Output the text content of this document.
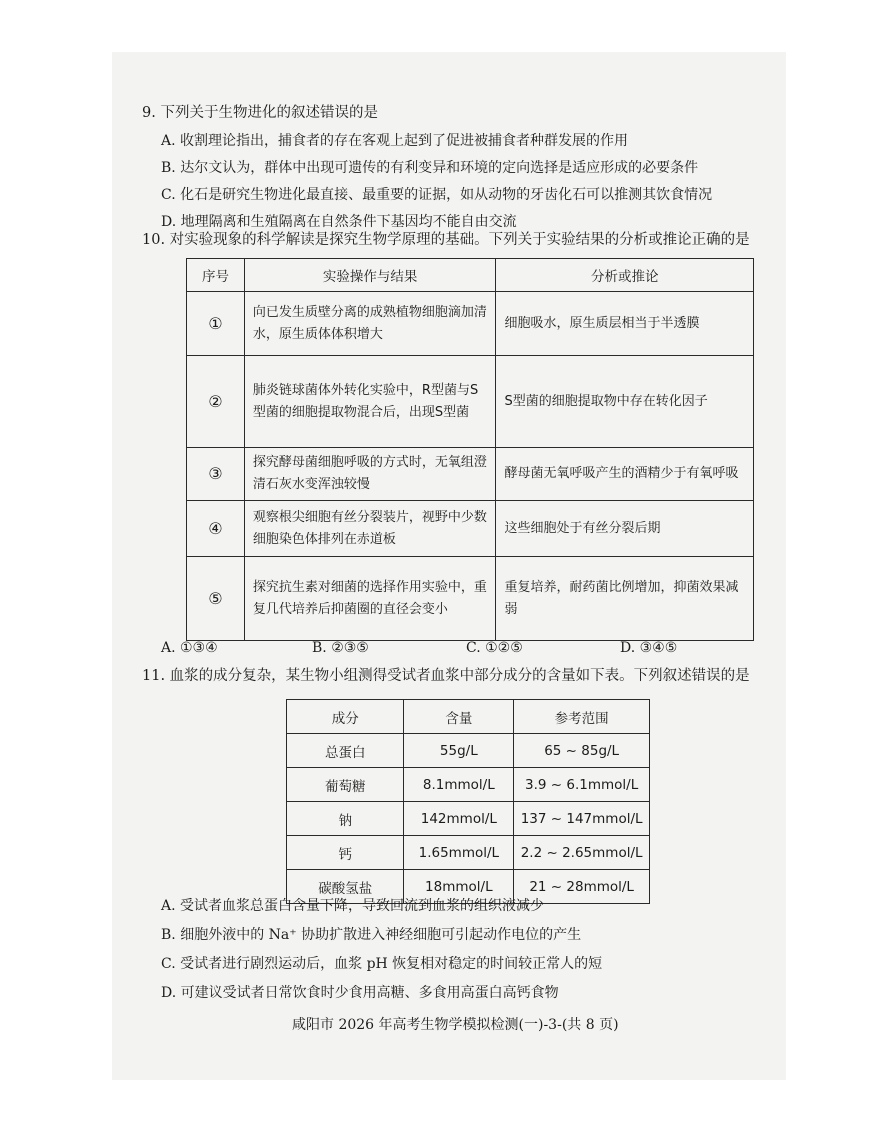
9. 下列关于生物进化的叙述错误的是
A. 收割理论指出，捕食者的存在客观上起到了促进被捕食者种群发展的作用
B. 达尔文认为，群体中出现可遗传的有利变异和环境的定向选择是适应形成的必要条件
C. 化石是研究生物进化最直接、最重要的证据，如从动物的牙齿化石可以推测其饮食情况
D. 地理隔离和生殖隔离在自然条件下基因均不能自由交流
10. 对实验现象的科学解读是探究生物学原理的基础。下列关于实验结果的分析或推论正确的是
序号	实验操作与结果	分析或推论
①	向已发生质壁分离的成熟植物细胞滴加清水，原生质体体积增大	细胞吸水，原生质层相当于半透膜
②	肺炎链球菌体外转化实验中，R型菌与S型菌的细胞提取物混合后，出现S型菌	S型菌的细胞提取物中存在转化因子
③	探究酵母菌细胞呼吸的方式时，无氧组澄清石灰水变浑浊较慢	酵母菌无氧呼吸产生的酒精少于有氧呼吸
④	观察根尖细胞有丝分裂装片，视野中少数细胞染色体排列在赤道板	这些细胞处于有丝分裂后期
⑤	探究抗生素对细菌的选择作用实验中，重复几代培养后抑菌圈的直径会变小	重复培养，耐药菌比例增加，抑菌效果减弱
A. ①③④	B. ②③⑤	C. ①②⑤	D. ③④⑤
11. 血浆的成分复杂，某生物小组测得受试者血浆中部分成分的含量如下表。下列叙述错误的是
成分	含量	参考范围
总蛋白	55g/L	65 ~ 85g/L
葡萄糖	8.1mmol/L	3.9 ~ 6.1mmol/L
钠	142mmol/L	137 ~ 147mmol/L
钙	1.65mmol/L	2.2 ~ 2.65mmol/L
碳酸氢盐	18mmol/L	21 ~ 28mmol/L
A. 受试者血浆总蛋白含量下降，导致回流到血浆的组织液减少
B. 细胞外液中的 Na⁺ 协助扩散进入神经细胞可引起动作电位的产生
C. 受试者进行剧烈运动后，血浆 pH 恢复相对稳定的时间较正常人的短
D. 可建议受试者日常饮食时少食用高糖、多食用高蛋白高钙食物
咸阳市 2026 年高考生物学模拟检测(一)-3-(共 8 页)
